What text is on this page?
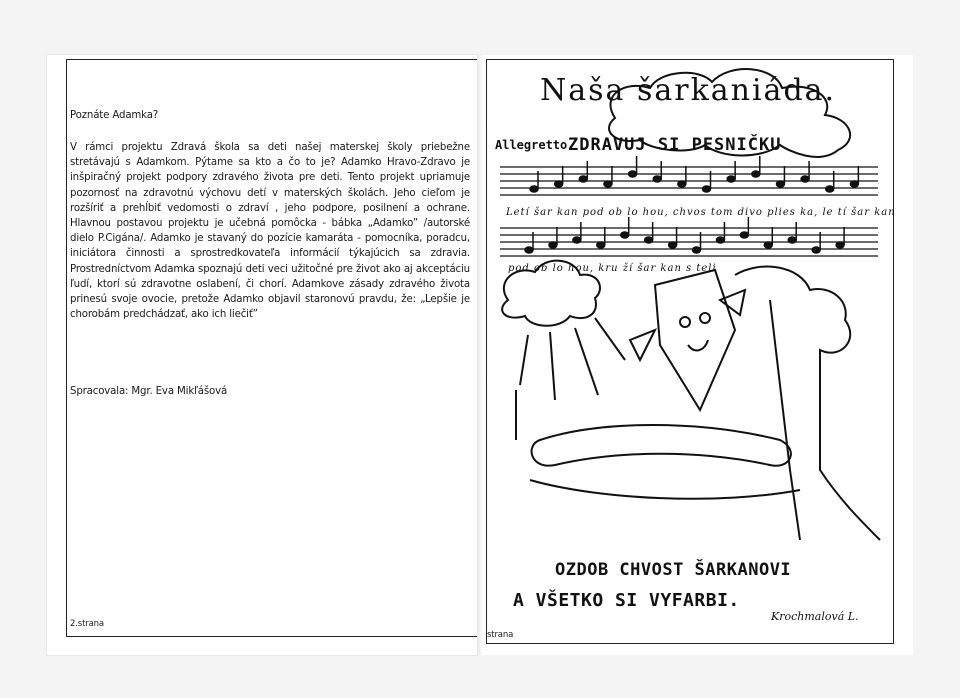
Poznáte Adamka?
V rámci projektu Zdravá škola sa deti našej materskej školy priebežne stretávajú s Adamkom. Pýtame sa kto a čo to je? Adamko Hravo-Zdravo je inšpiračný projekt podpory zdravého života pre deti. Tento projekt upriamuje pozornosť na zdravotnú výchovu detí v materských školách. Jeho cieľom je rozšíriť a prehĺbiť vedomosti o zdraví , jeho podpore, posilnení a ochrane. Hlavnou postavou projektu je učebná pomôcka - bábka „Adamko” /autorské dielo P.Cigána/. Adamko je stavaný do pozície kamaráta - pomocníka, poradcu, iniciátora činnosti a sprostredkovateľa informácií týkajúcich sa zdravia. Prostredníctvom Adamka spoznajú deti veci užitočné pre život ako aj akceptáciu ľudí, ktorí sú zdravotne oslabení, či chorí. Adamkove zásady zdravého života prinesú svoje ovocie, pretože Adamko objavil staronovú pravdu, že: „Lepšie je chorobám predchádzať, ako ich liečiť”
Spracovala: Mgr. Eva Mikľášová
2.strana
Naša šarkaniáda.
Allegretto ZDRAVUJ SI PESNIČKU
Letí šar kan pod ob lo hou, chvos tom divo plies ka, le tí šar kan
pod ob lo hou, kru ží šar kan s teli
OZDOB CHVOST ŠARKANOVI
A VŠETKO SI VYFARBI.
Krochmalová L.
strana
